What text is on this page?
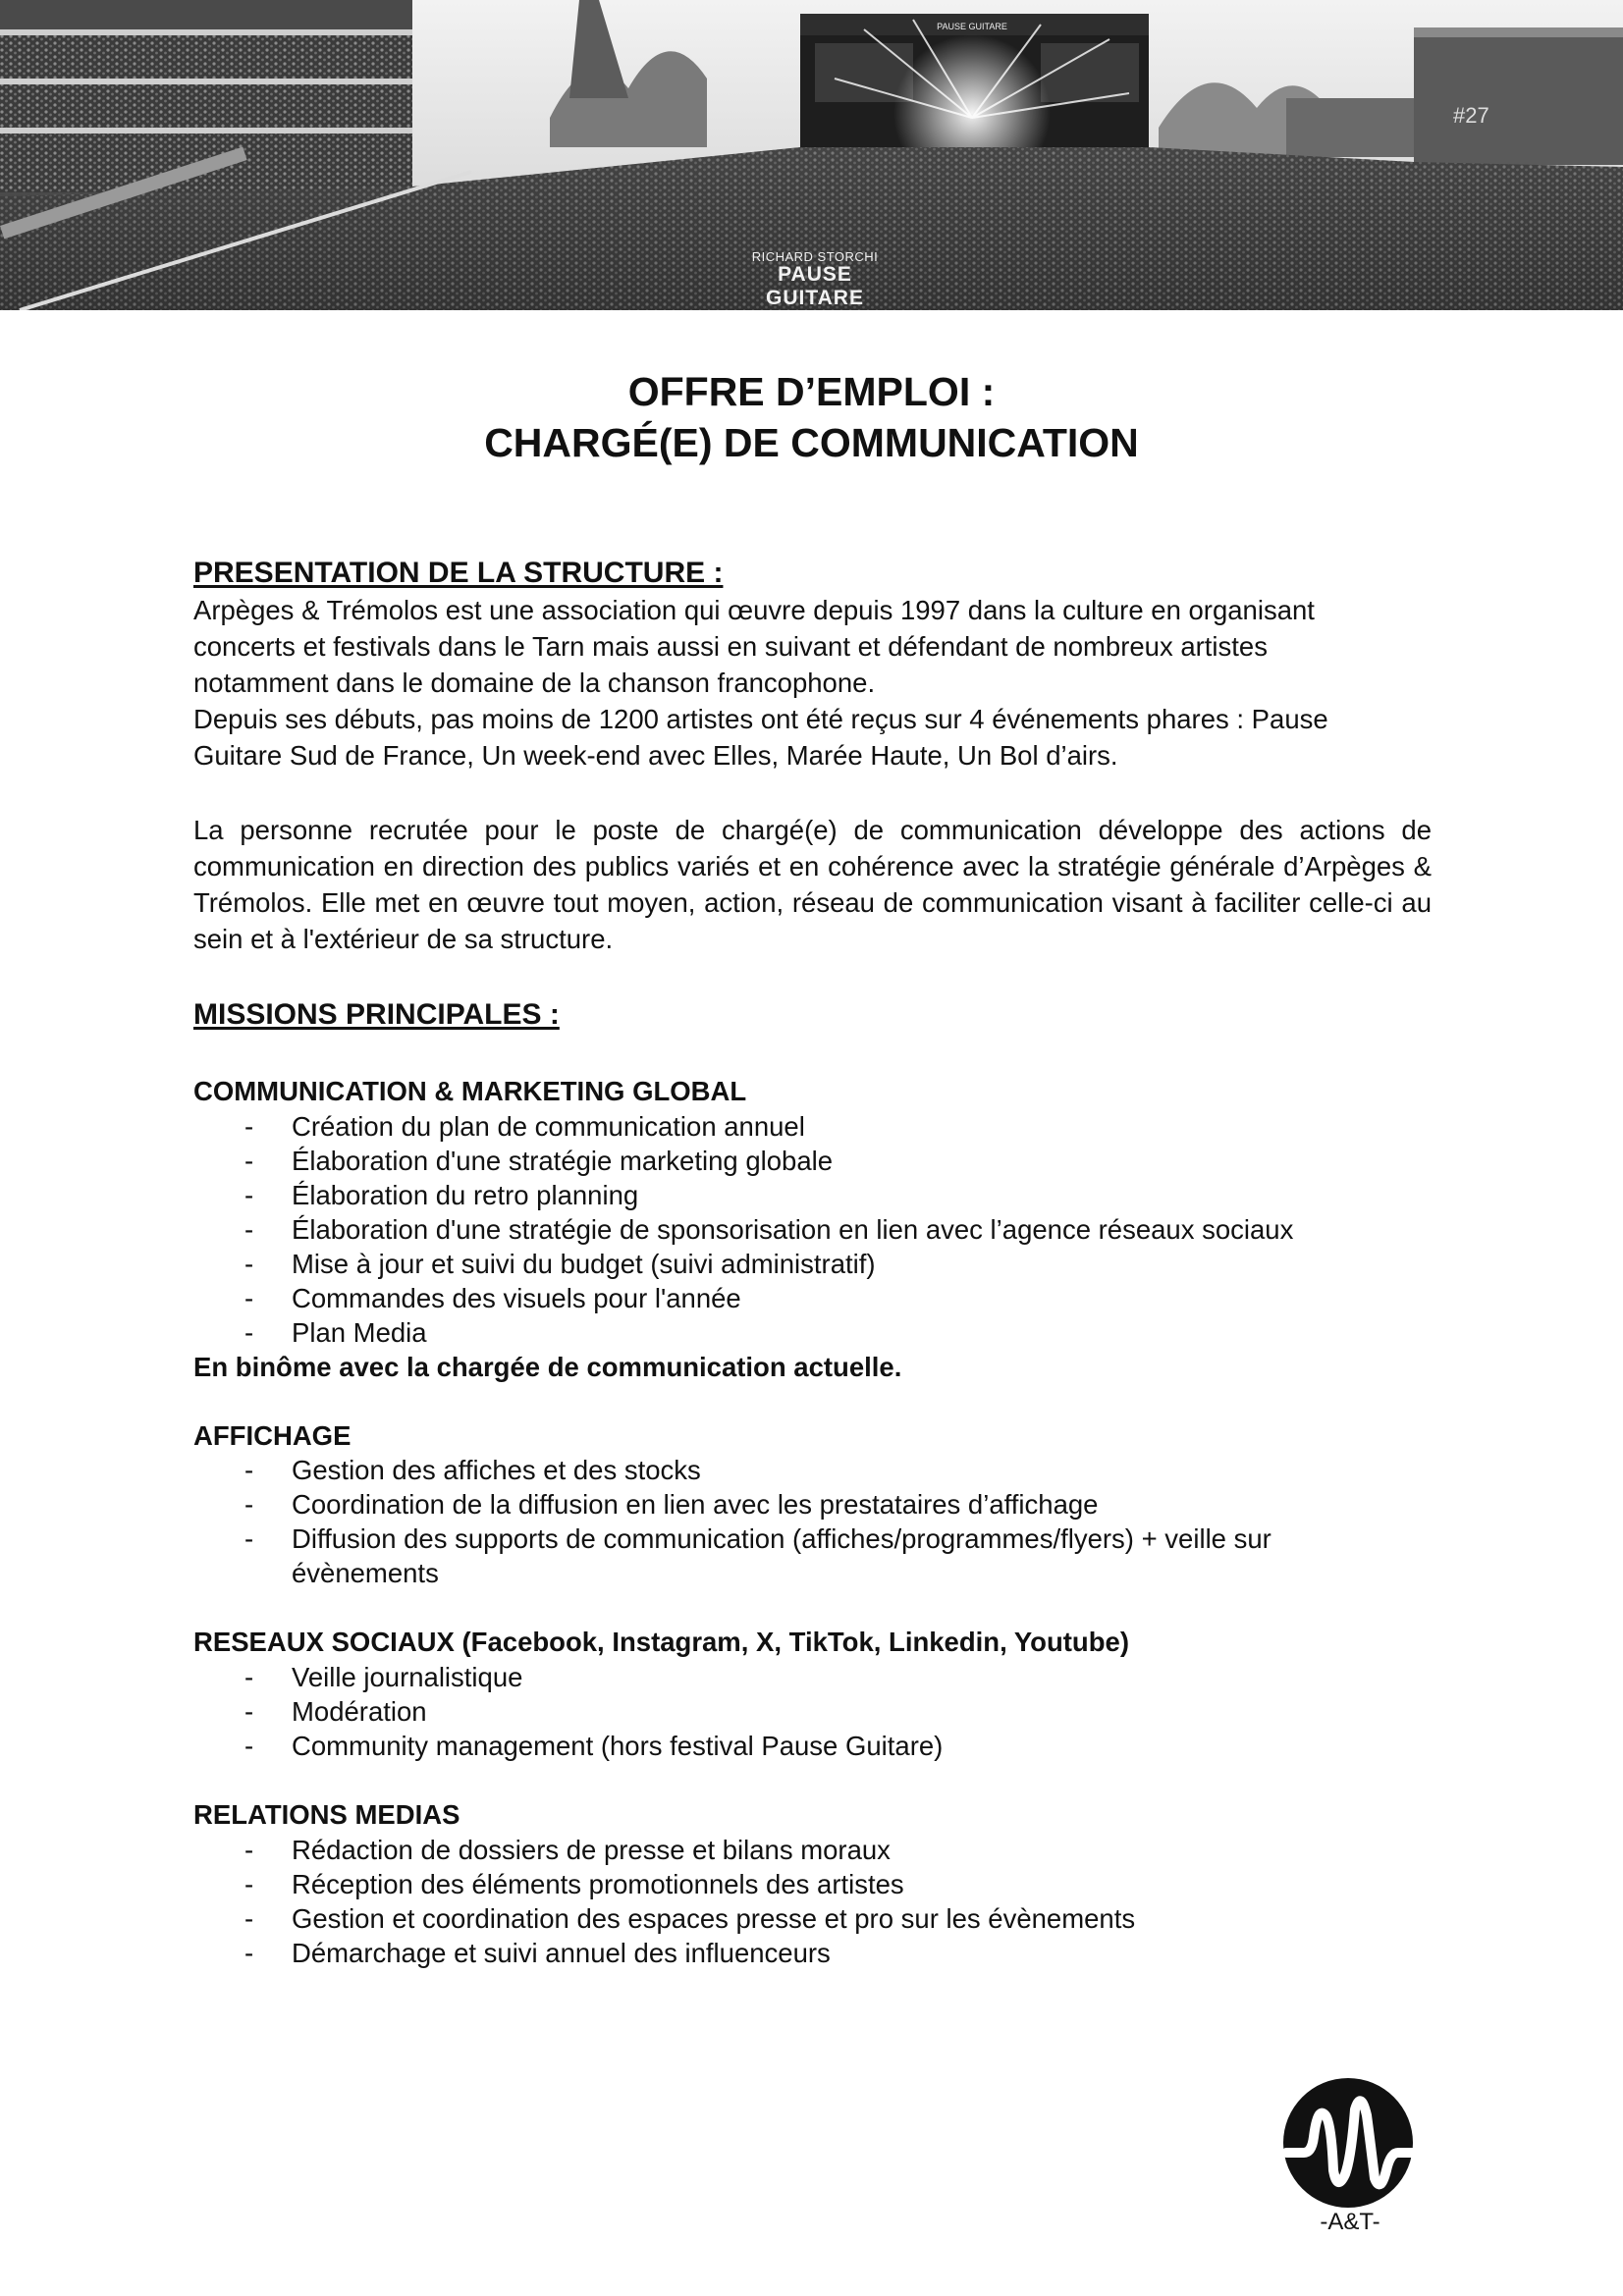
PAUSE GUITARE
#27
RICHARD STORCHI
PAUSE GUITARE
OFFRE D’EMPLOI :
CHARGÉ(E) DE COMMUNICATION
PRESENTATION DE LA STRUCTURE :
Arpèges & Trémolos est une association qui œuvre depuis 1997 dans la culture en organisant
concerts et festivals dans le Tarn mais aussi en suivant et défendant de nombreux artistes
notamment dans le domaine de la chanson francophone.
Depuis ses débuts, pas moins de 1200 artistes ont été reçus sur 4 événements phares : Pause
Guitare Sud de France, Un week-end avec Elles, Marée Haute, Un Bol d’airs.

La personne recrutée pour le poste de chargé(e) de communication développe des actions de communication en direction des publics variés et en cohérence avec la stratégie générale d’Arpèges & Trémolos. Elle met en œuvre tout moyen, action, réseau de communication visant à faciliter celle-ci au sein et à l'extérieur de sa structure.

MISSIONS PRINCIPALES :
COMMUNICATION & MARKETING GLOBAL
- Création du plan de communication annuel
- Élaboration d'une stratégie marketing globale
- Élaboration du retro planning
- Élaboration d'une stratégie de sponsorisation en lien avec l’agence réseaux sociaux
- Mise à jour et suivi du budget (suivi administratif)
- Commandes des visuels pour l'année
- Plan Media
En binôme avec la chargée de communication actuelle.
AFFICHAGE
- Gestion des affiches et des stocks
- Coordination de la diffusion en lien avec les prestataires d’affichage
- Diffusion des supports de communication (affiches/programmes/flyers) + veille sur
évènements
RESEAUX SOCIAUX (Facebook, Instagram, X, TikTok, Linkedin, Youtube)
- Veille journalistique
- Modération
- Community management (hors festival Pause Guitare)
RELATIONS MEDIAS
- Rédaction de dossiers de presse et bilans moraux
- Réception des éléments promotionnels des artistes
- Gestion et coordination des espaces presse et pro sur les évènements
- Démarchage et suivi annuel des influenceurs
-A&T-
